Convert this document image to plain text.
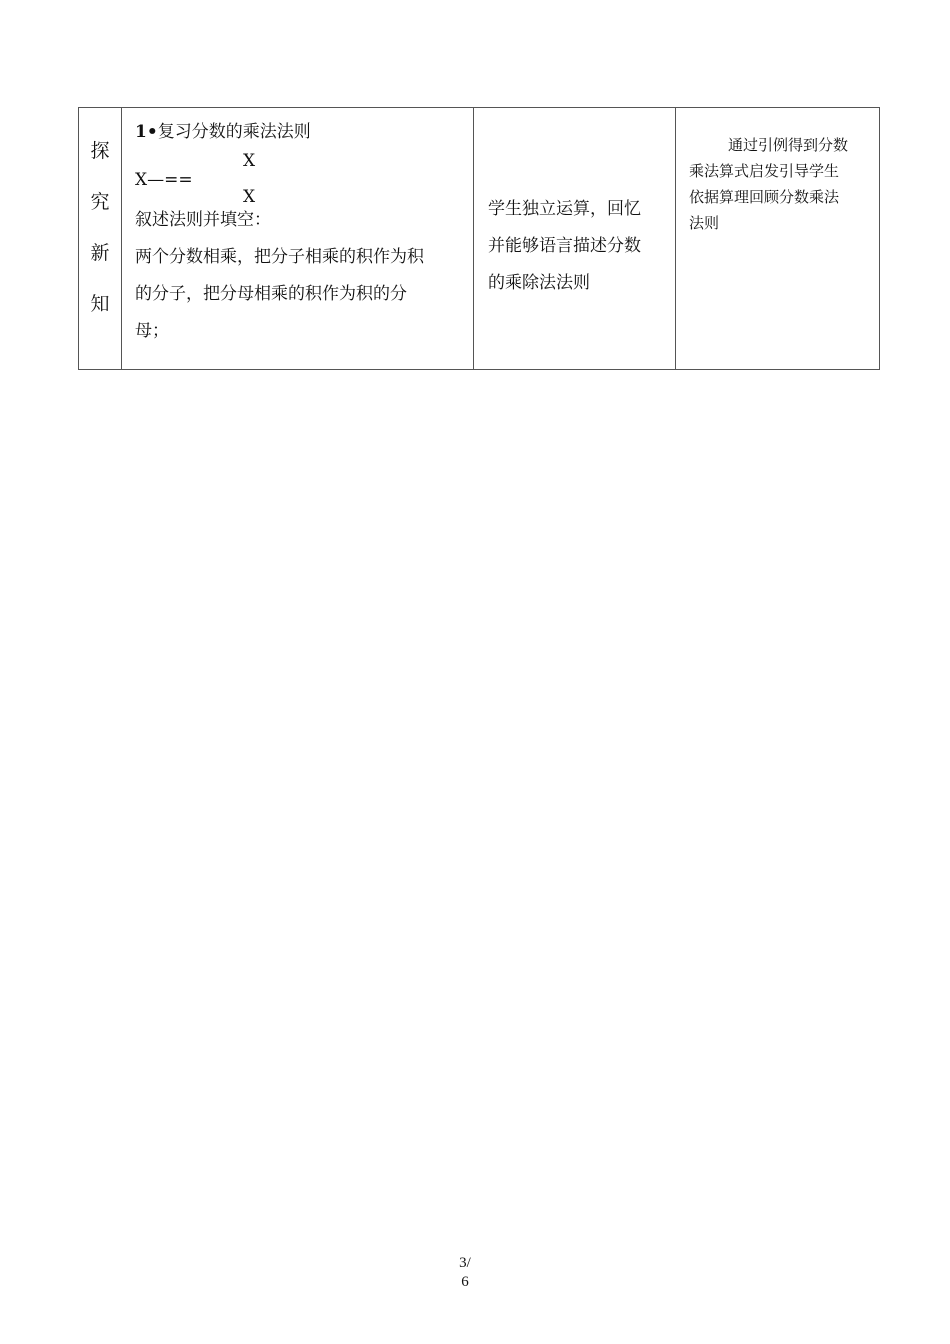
探
究
新
知

1•复习分数的乘法法则
X
X—==
X
叙述法则并填空：
两个分数相乘，把分子相乘的积作为积
的分子，把分母相乘的积作为积的分
母；

学生独立运算，回忆
并能够语言描述分数
的乘除法法则

通过引例得到分数
乘法算式启发引导学生
依据算理回顾分数乘法
法则
3/
6
